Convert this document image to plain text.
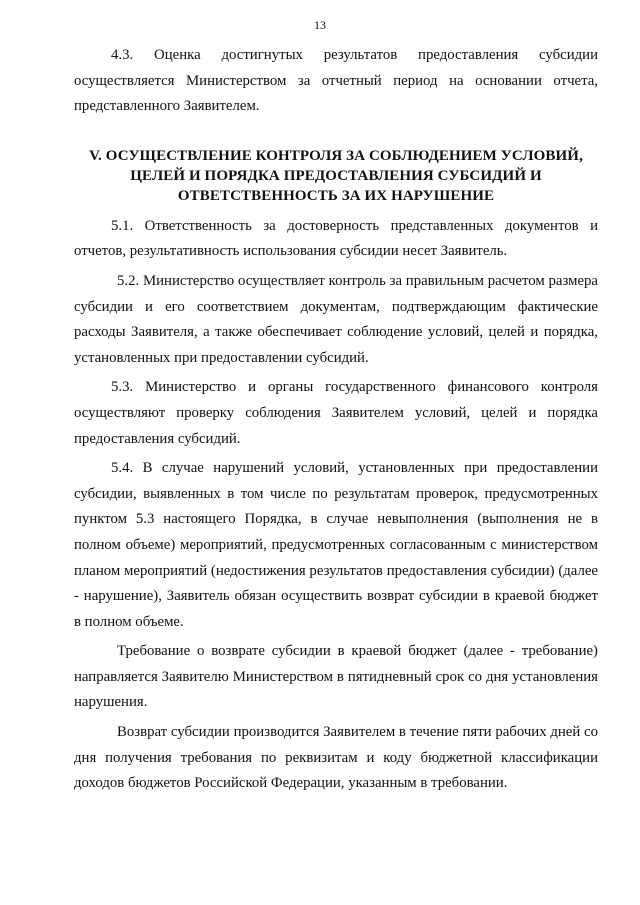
13

4.3. Оценка достигнутых результатов предоставления субсидии осуществляется Министерством за отчетный период на основании отчета, представленного Заявителем.

V. ОСУЩЕСТВЛЕНИЕ КОНТРОЛЯ ЗА СОБЛЮДЕНИЕМ УСЛОВИЙ,
ЦЕЛЕЙ И ПОРЯДКА ПРЕДОСТАВЛЕНИЯ СУБСИДИЙ И
ОТВЕТСТВЕННОСТЬ ЗА ИХ НАРУШЕНИЕ

5.1. Ответственность за достоверность представленных документов и отчетов, результативность использования субсидии несет Заявитель.

5.2. Министерство осуществляет контроль за правильным расчетом размера субсидии и его соответствием документам, подтверждающим фактические расходы Заявителя, а также обеспечивает соблюдение условий, целей и порядка, установленных при предоставлении субсидий.

5.3. Министерство и органы государственного финансового контроля осуществляют проверку соблюдения Заявителем условий, целей и порядка предоставления субсидий.

5.4. В случае нарушений условий, установленных при предоставлении субсидии, выявленных в том числе по результатам проверок, предусмотренных пунктом 5.3 настоящего Порядка, в случае невыполнения (выполнения не в полном объеме) мероприятий, предусмотренных согласованным с министерством планом мероприятий (недостижения результатов предоставления субсидии) (далее - нарушение), Заявитель обязан осуществить возврат субсидии в краевой бюджет в полном объеме.

Требование о возврате субсидии в краевой бюджет (далее - требование) направляется Заявителю Министерством в пятидневный срок со дня установления нарушения.

Возврат субсидии производится Заявителем в течение пяти рабочих дней со дня получения требования по реквизитам и коду бюджетной классификации доходов бюджетов Российской Федерации, указанным в требовании.
